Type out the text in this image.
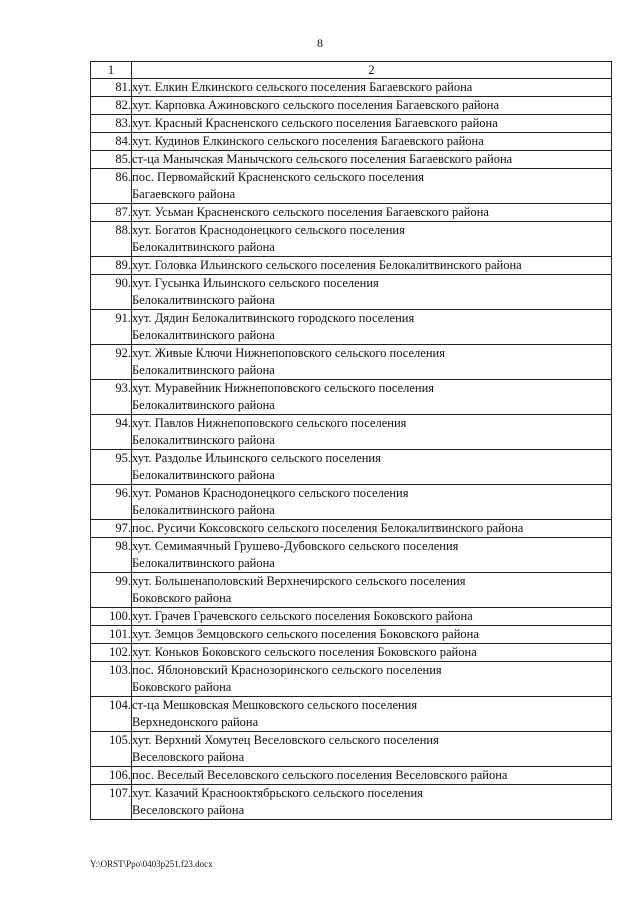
8
1	2
81.	хут. Елкин Елкинского сельского поселения Багаевского района

82.	хут. Карповка Ажиновского сельского поселения Багаевского района

83.	хут. Красный Красненского сельского поселения Багаевского района

84.	хут. Кудинов Елкинского сельского поселения Багаевского района

85.	ст-ца Манычская Манычского сельского поселения Багаевского района

86.	пос. Первомайский Красненского сельского поселения
Багаевского района

87.	хут. Усьман Красненского сельского поселения Багаевского района

88.	хут. Богатов Краснодонецкого сельского поселения
Белокалитвинского района

89.	хут. Головка Ильинского сельского поселения Белокалитвинского района

90.	хут. Гусынка Ильинского сельского поселения
Белокалитвинского района

91.	хут. Дядин Белокалитвинского городского поселения
Белокалитвинского района

92.	хут. Живые Ключи Нижнепоповского сельского поселения
Белокалитвинского района

93.	хут. Муравейник Нижнепоповского сельского поселения
Белокалитвинского района

94.	хут. Павлов Нижнепоповского сельского поселения
Белокалитвинского района

95.	хут. Раздолье Ильинского сельского поселения
Белокалитвинского района

96.	хут. Романов Краснодонецкого сельского поселения
Белокалитвинского района

97.	пос. Русичи Коксовского сельского поселения Белокалитвинского района

98.	хут. Семимаячный Грушево-Дубовского сельского поселения
Белокалитвинского района

99.	хут. Большенаполовский Верхнечирского сельского поселения
Боковского района

100.	хут. Грачев Грачевского сельского поселения Боковского района

101.	хут. Земцов Земцовского сельского поселения Боковского района

102.	хут. Коньков Боковского сельского поселения Боковского района

103.	пос. Яблоновский Краснозоринского сельского поселения
Боковского района

104.	ст-ца Мешковская Мешковского сельского поселения
Верхнедонского района

105.	хут. Верхний Хомутец Веселовского сельского поселения
Веселовского района

106.	пос. Веселый Веселовского сельского поселения Веселовского района

107.	хут. Казачий Краснооктябрьского сельского поселения
Веселовского района
Y:\ORST\Ppo\0403p251.f23.docx
